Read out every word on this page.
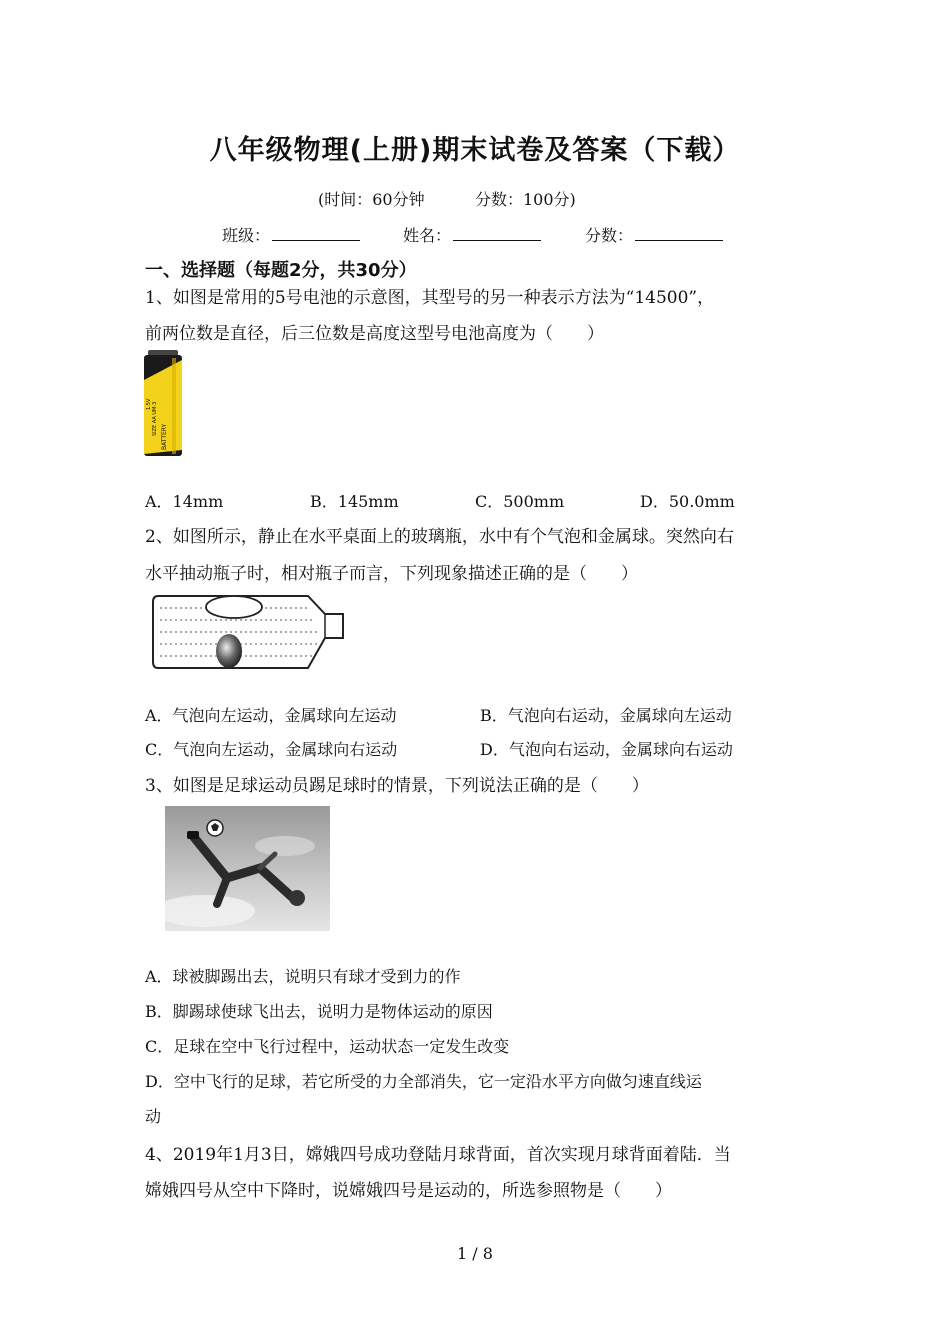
八年级物理(上册)期末试卷及答案（下载）
(时间：60分钟	分数：100分)
班级：	姓名：	分数：
一、选择题（每题2分，共30分）
1、如图是常用的5号电池的示意图，其型号的另一种表示方法为“14500”，
前两位数是直径，后三位数是高度这型号电池高度为（　　）
BATTERY
SIZE AA UM-3
1.5V
A．14mm	B．145mm	C．500mm	D．50.0mm
2、如图所示，静止在水平桌面上的玻璃瓶，水中有个气泡和金属球。突然向右
水平抽动瓶子时，相对瓶子而言，下列现象描述正确的是（　　）
A．气泡向左运动，金属球向左运动	B．气泡向右运动，金属球向左运动
C．气泡向左运动，金属球向右运动	D．气泡向右运动，金属球向右运动
3、如图是足球运动员踢足球时的情景，下列说法正确的是（　　）
A．球被脚踢出去，说明只有球才受到力的作
B．脚踢球使球飞出去，说明力是物体运动的原因
C．足球在空中飞行过程中，运动状态一定发生改变
D．空中飞行的足球，若它所受的力全部消失，它一定沿水平方向做匀速直线运
动
4、2019年1月3日，嫦娥四号成功登陆月球背面，首次实现月球背面着陆．当
嫦娥四号从空中下降时，说嫦娥四号是运动的，所选参照物是（　　）
1 / 8
